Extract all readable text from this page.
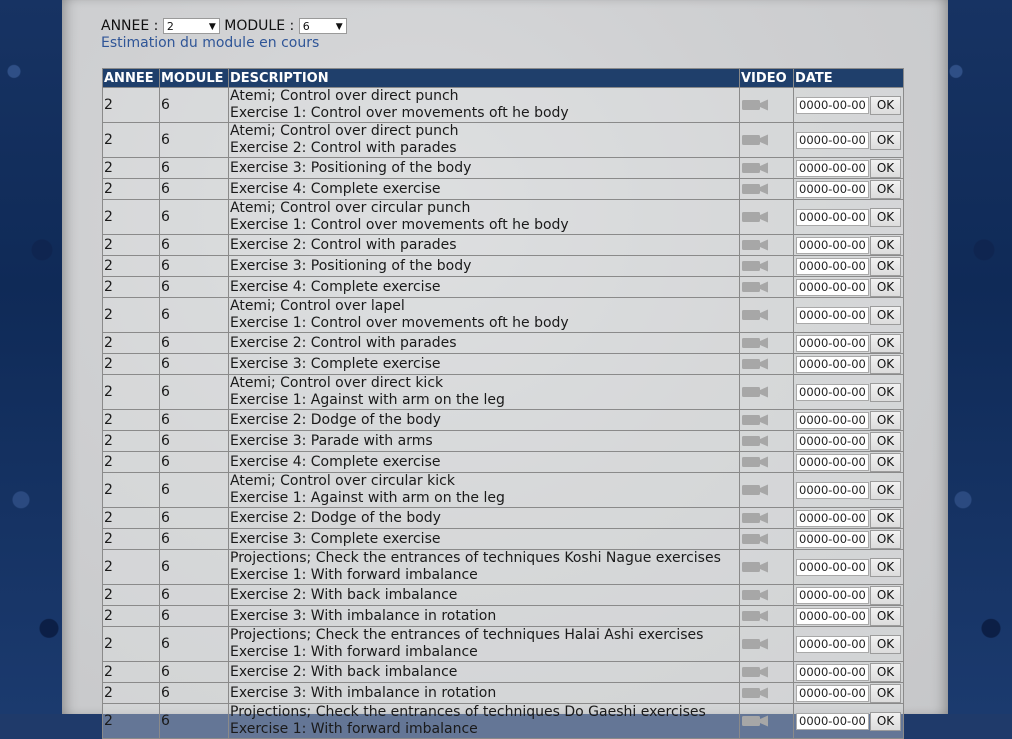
ANNEE : 2	▼ MODULE : 6	▼
Estimation du module en cours
ANNEE	MODULE	DESCRIPTION	VIDEO	DATE
2	6	Atemi; Control over direct punch
Exercise 1: Control over movements oft he body		0000-00-00 OK
2	6	Atemi; Control over direct punch
Exercise 2: Control with parades		0000-00-00 OK
2	6	Exercise 3: Positioning of the body		0000-00-00 OK
2	6	Exercise 4: Complete exercise		0000-00-00 OK
2	6	Atemi; Control over circular punch
Exercise 1: Control over movements oft he body		0000-00-00 OK
2	6	Exercise 2: Control with parades		0000-00-00 OK
2	6	Exercise 3: Positioning of the body		0000-00-00 OK
2	6	Exercise 4: Complete exercise		0000-00-00 OK
2	6	Atemi; Control over lapel
Exercise 1: Control over movements oft he body		0000-00-00 OK
2	6	Exercise 2: Control with parades		0000-00-00 OK
2	6	Exercise 3: Complete exercise		0000-00-00 OK
2	6	Atemi; Control over direct kick
Exercise 1: Against with arm on the leg		0000-00-00 OK
2	6	Exercise 2: Dodge of the body		0000-00-00 OK
2	6	Exercise 3: Parade with arms		0000-00-00 OK
2	6	Exercise 4: Complete exercise		0000-00-00 OK
2	6	Atemi; Control over circular kick
Exercise 1: Against with arm on the leg		0000-00-00 OK
2	6	Exercise 2: Dodge of the body		0000-00-00 OK
2	6	Exercise 3: Complete exercise		0000-00-00 OK
2	6	Projections; Check the entrances of techniques Koshi Nague exercises
Exercise 1: With forward imbalance		0000-00-00 OK
2	6	Exercise 2: With back imbalance		0000-00-00 OK
2	6	Exercise 3: With imbalance in rotation		0000-00-00 OK
2	6	Projections; Check the entrances of techniques Halai Ashi exercises
Exercise 1: With forward imbalance		0000-00-00 OK
2	6	Exercise 2: With back imbalance		0000-00-00 OK
2	6	Exercise 3: With imbalance in rotation		0000-00-00 OK
2	6	Projections; Check the entrances of techniques Do Gaeshi exercises
Exercise 1: With forward imbalance		0000-00-00 OK
